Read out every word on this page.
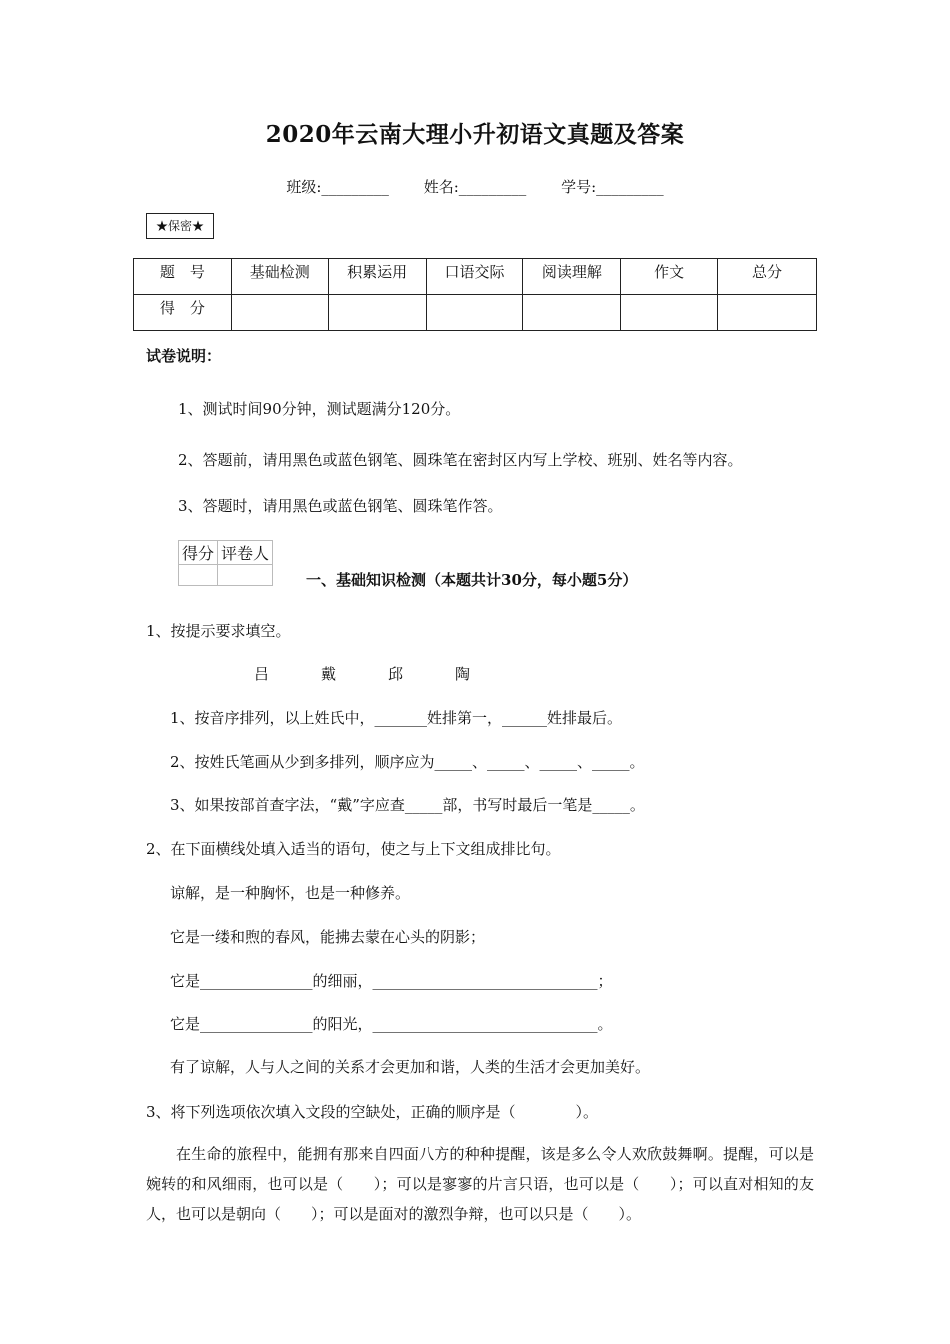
2020年云南大理小升初语文真题及答案
班级:_________ 姓名:_________ 学号:_________
★保密★
题　号	基础检测	积累运用	口语交际	阅读理解	作文	总分
得　分						
试卷说明：
1、测试时间90分钟，测试题满分120分。
2、答题前，请用黑色或蓝色钢笔、圆珠笔在密封区内写上学校、班别、姓名等内容。
3、答题时，请用黑色或蓝色钢笔、圆珠笔作答。
得分	评卷人

一、基础知识检测（本题共计30分，每小题5分）
1、按提示要求填空。
吕	戴	邱	陶
1、按音序排列，以上姓氏中，_______姓排第一，______姓排最后。
2、按姓氏笔画从少到多排列，顺序应为_____、_____、_____、_____。
3、如果按部首查字法，“戴”字应查_____部，书写时最后一笔是_____。
2、在下面横线处填入适当的语句，使之与上下文组成排比句。
谅解，是一种胸怀，也是一种修养。
它是一缕和煦的春风，能拂去蒙在心头的阴影；
它是_______________的细丽，______________________________；
它是_______________的阳光，______________________________。
有了谅解，人与人之间的关系才会更加和谐，人类的生活才会更加美好。
3、将下列选项依次填入文段的空缺处，正确的顺序是（　　　　）。
在生命的旅程中，能拥有那来自四面八方的种种提醒，该是多么令人欢欣鼓舞啊。提醒，可以是婉转的和风细雨，也可以是（　　）；可以是寥寥的片言只语，也可以是（　　）；可以直对相知的友人，也可以是朝向（　　）；可以是面对的激烈争辩，也可以只是（　　）。
